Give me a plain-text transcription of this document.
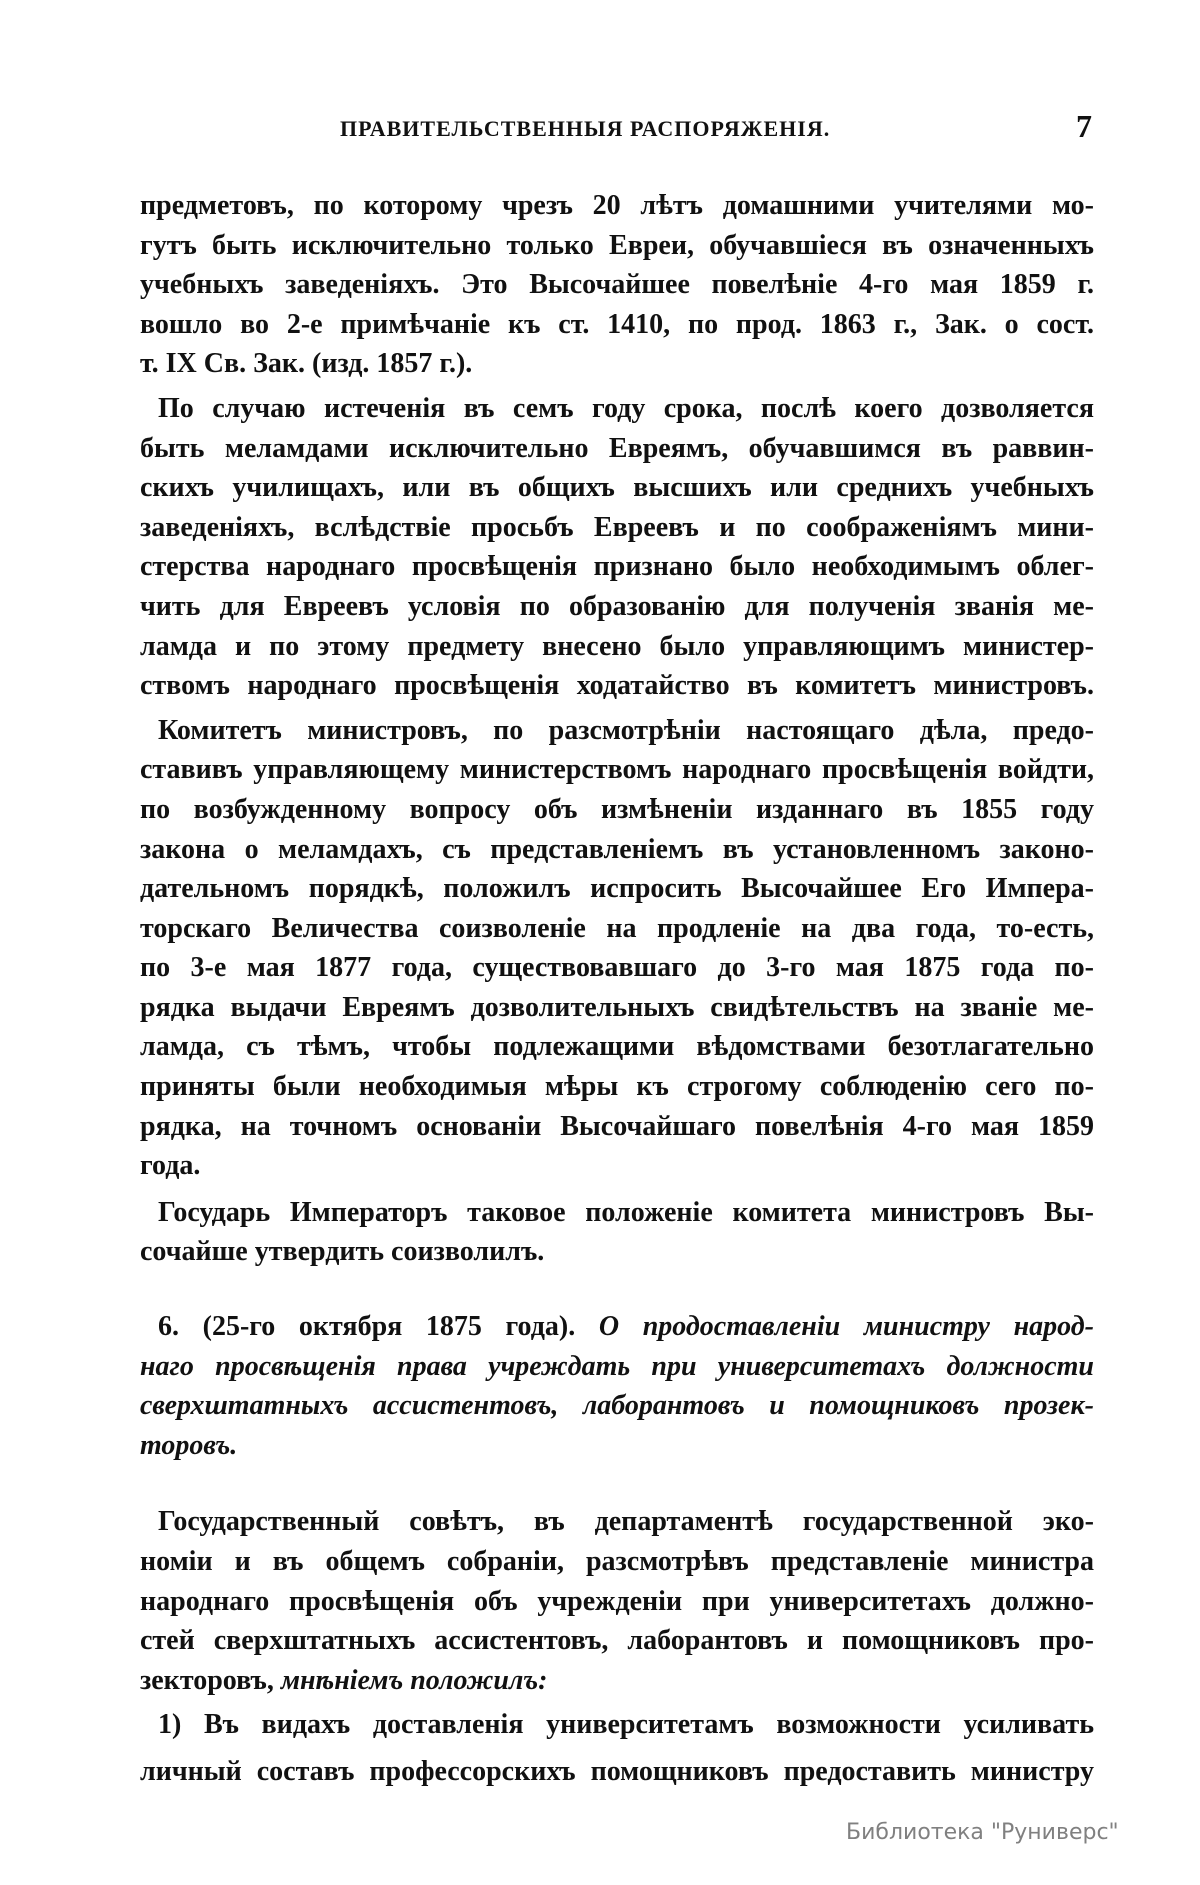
ПРАВИТЕЛЬСТВЕННЫЯ РАСПОРЯЖЕНІЯ.	7
предметовъ, по которому чрезъ 20 лѣтъ домашними учителями мо-
гутъ быть исключительно только Евреи, обучавшіеся въ означенныхъ
учебныхъ заведеніяхъ. Это Высочайшее повелѣніе 4-го мая 1859 г.
вошло во 2-е примѣчаніе къ ст. 1410, по прод. 1863 г., Зак. о сост.
т. IX Св. Зак. (изд. 1857 г.).
По случаю истеченія въ семъ году срока, послѣ коего дозволяется
быть меламдами исключительно Евреямъ, обучавшимся въ раввин-
скихъ училищахъ, или въ общихъ высшихъ или среднихъ учебныхъ
заведеніяхъ, вслѣдствіе просьбъ Евреевъ и по соображеніямъ мини-
стерства народнаго просвѣщенія признано было необходимымъ облег-
чить для Евреевъ условія по образованію для полученія званія ме-
ламда и по этому предмету внесено было управляющимъ министер-
ствомъ народнаго просвѣщенія ходатайство въ комитетъ министровъ.
Комитетъ министровъ, по разсмотрѣніи настоящаго дѣла, предо-
ставивъ управляющему министерствомъ народнаго просвѣщенія войдти,
по возбужденному вопросу объ измѣненіи изданнаго въ 1855 году
закона о меламдахъ, съ представленіемъ въ установленномъ законо-
дательномъ порядкѣ, положилъ испросить Высочайшее Его Импера-
торскаго Величества соизволеніе на продленіе на два года, то-есть,
по 3-е мая 1877 года, существовавшаго до 3-го мая 1875 года по-
рядка выдачи Евреямъ дозволительныхъ свидѣтельствъ на званіе ме-
ламда, съ тѣмъ, чтобы подлежащими вѣдомствами безотлагательно
приняты были необходимыя мѣры къ строгому соблюденію сего по-
рядка, на точномъ основаніи Высочайшаго повелѣнія 4-го мая 1859
года.
Государь Императоръ таковое положеніе комитета министровъ Вы-
сочайше утвердить соизволилъ.
6. (25-го октября 1875 года). О продоставленіи министру народ-
наго просвѣщенія права учреждать при университетахъ должности
сверхштатныхъ ассистентовъ, лаборантовъ и помощниковъ прозек-
торовъ.
Государственный совѣтъ, въ департаментѣ государственной эко-
номіи и въ общемъ собраніи, разсмотрѣвъ представленіе министра
народнаго просвѣщенія объ учрежденіи при университетахъ должно-
стей сверхштатныхъ ассистентовъ, лаборантовъ и помощниковъ про-
зекторовъ, мнѣніемъ положилъ:
1) Въ видахъ доставленія университетамъ возможности усиливать
личный составъ профессорскихъ помощниковъ предоставить министру
Библиотека "Руниверс"
